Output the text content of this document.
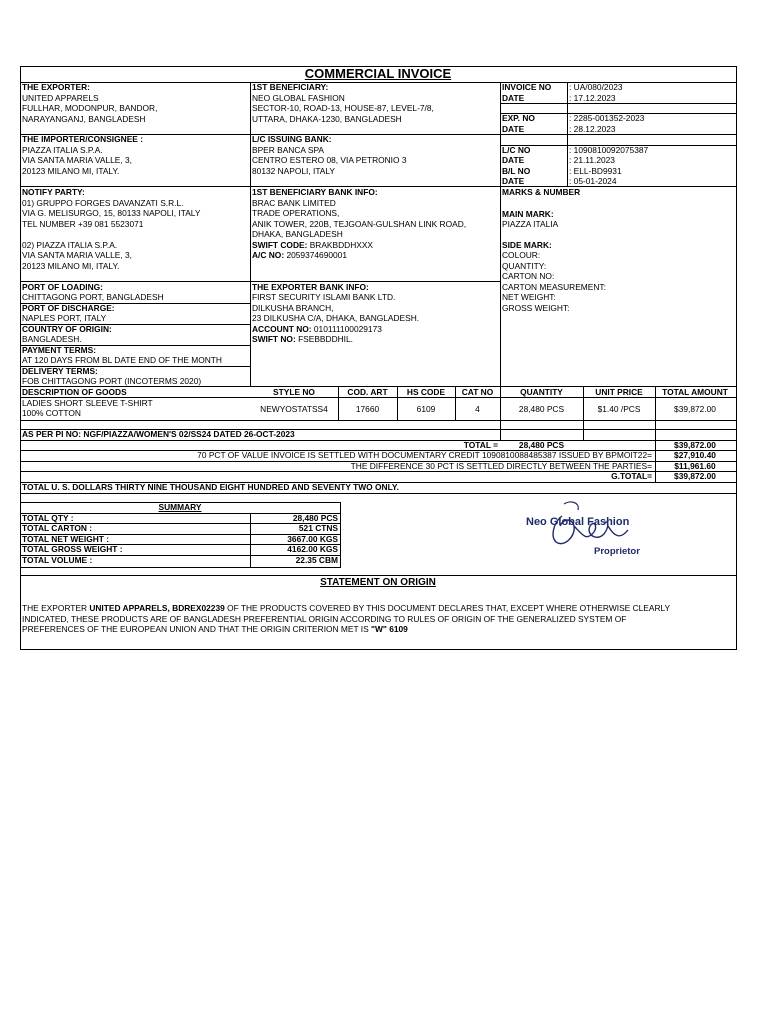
COMMERCIAL INVOICE
THE EXPORTER:
UNITED APPARELS
FULLHAR, MODONPUR, BANDOR,
NARAYANGANJ, BANGLADESH
1ST BENEFICIARY:
NEO GLOBAL FASHION
SECTOR-10, ROAD-13, HOUSE-87, LEVEL-7/8,
UTTARA, DHAKA-1230, BANGLADESH
INVOICE NO : UA/080/2023
DATE	: 17.12.2023
EXP. NO	: 2285-001352-2023
DATE	: 28.12.2023
L/C NO	: 1090810092075387
DATE	: 21.11.2023
B/L NO	: ELL-BD9931
DATE	: 05-01-2024
THE IMPORTER/CONSIGNEE :
PIAZZA ITALIA S.P.A.
VIA SANTA MARIA VALLE, 3,
20123 MILANO MI, ITALY.
L/C ISSUING BANK:
BPER BANCA SPA
CENTRO ESTERO 08, VIA PETRONIO 3
80132 NAPOLI, ITALY
NOTIFY PARTY:
01) GRUPPO FORGES DAVANZATI S.R.L.
VIA G. MELISURGO, 15, 80133 NAPOLI, ITALY
TEL NUMBER +39 081 5523071
02) PIAZZA ITALIA S.P.A.
VIA SANTA MARIA VALLE, 3,
20123 MILANO MI, ITALY.
1ST BENEFICIARY BANK INFO:
BRAC BANK LIMITED
TRADE OPERATIONS,
ANIK TOWER, 220B, TEJGOAN-GULSHAN LINK ROAD,
DHAKA, BANGLADESH
SWIFT CODE: BRAKBDDHXXX
A/C NO: 2059374690001
MARKS & NUMBER
MAIN MARK:
PIAZZA ITALIA
SIDE MARK:
COLOUR:
QUANTITY:
CARTON NO:
CARTON MEASUREMENT:
NET WEIGHT:
GROSS WEIGHT:
PORT OF LOADING:
CHITTAGONG PORT, BANGLADESH
PORT OF DISCHARGE:
NAPLES PORT, ITALY
COUNTRY OF ORIGIN:
BANGLADESH.
PAYMENT TERMS:
AT 120 DAYS FROM BL DATE END OF THE MONTH
DELIVERY TERMS:
FOB CHITTAGONG PORT (INCOTERMS 2020)
THE EXPORTER BANK INFO:
FIRST SECURITY ISLAMI BANK LTD.
DILKUSHA BRANCH,
23 DILKUSHA C/A, DHAKA, BANGLADESH.
ACCOUNT NO: 010111100029173
SWIFT NO: FSEBBDDHIL.
DESCRIPTION OF GOODS	STYLE NO	COD. ART	HS CODE	CAT NO	QUANTITY	UNIT PRICE	TOTAL AMOUNT
LADIES SHORT SLEEVE T-SHIRT
100% COTTON	NEWYOSTATSS4	17660	6109	4	28,480 PCS	$1.40 /PCS	$39,872.00
AS PER PI NO: NGF/PIAZZA/WOMEN'S 02/SS24 DATED 26-OCT-2023
TOTAL =	28,480 PCS	$39,872.00
70 PCT OF VALUE INVOICE IS SETTLED WITH DOCUMENTARY CREDIT 1090810088485387 ISSUED BY BPMOIT22=	$27,910.40
THE DIFFERENCE 30 PCT IS SETTLED DIRECTLY BETWEEN THE PARTIES=	$11,961.60
G.TOTAL=	$39,872.00
TOTAL U. S. DOLLARS THIRTY NINE THOUSAND EIGHT HUNDRED AND SEVENTY TWO ONLY.
SUMMARY
TOTAL QTY :	28,480 PCS
TOTAL CARTON :	521 CTNS
TOTAL NET WEIGHT :	3667.00 KGS
TOTAL GROSS WEIGHT :	4162.00 KGS
TOTAL VOLUME :	22.35 CBM
Neo Global Fashion
Proprietor
STATEMENT ON ORIGIN
THE EXPORTER UNITED APPARELS, BDREX02239 OF THE PRODUCTS COVERED BY THIS DOCUMENT DECLARES THAT, EXCEPT WHERE OTHERWISE CLEARLY
INDICATED, THESE PRODUCTS ARE OF BANGLADESH PREFERENTIAL ORIGIN ACCORDING TO RULES OF ORIGIN OF THE GENERALIZED SYSTEM OF
PREFERENCES OF THE EUROPEAN UNION AND THAT THE ORIGIN CRITERION MET IS "W" 6109
